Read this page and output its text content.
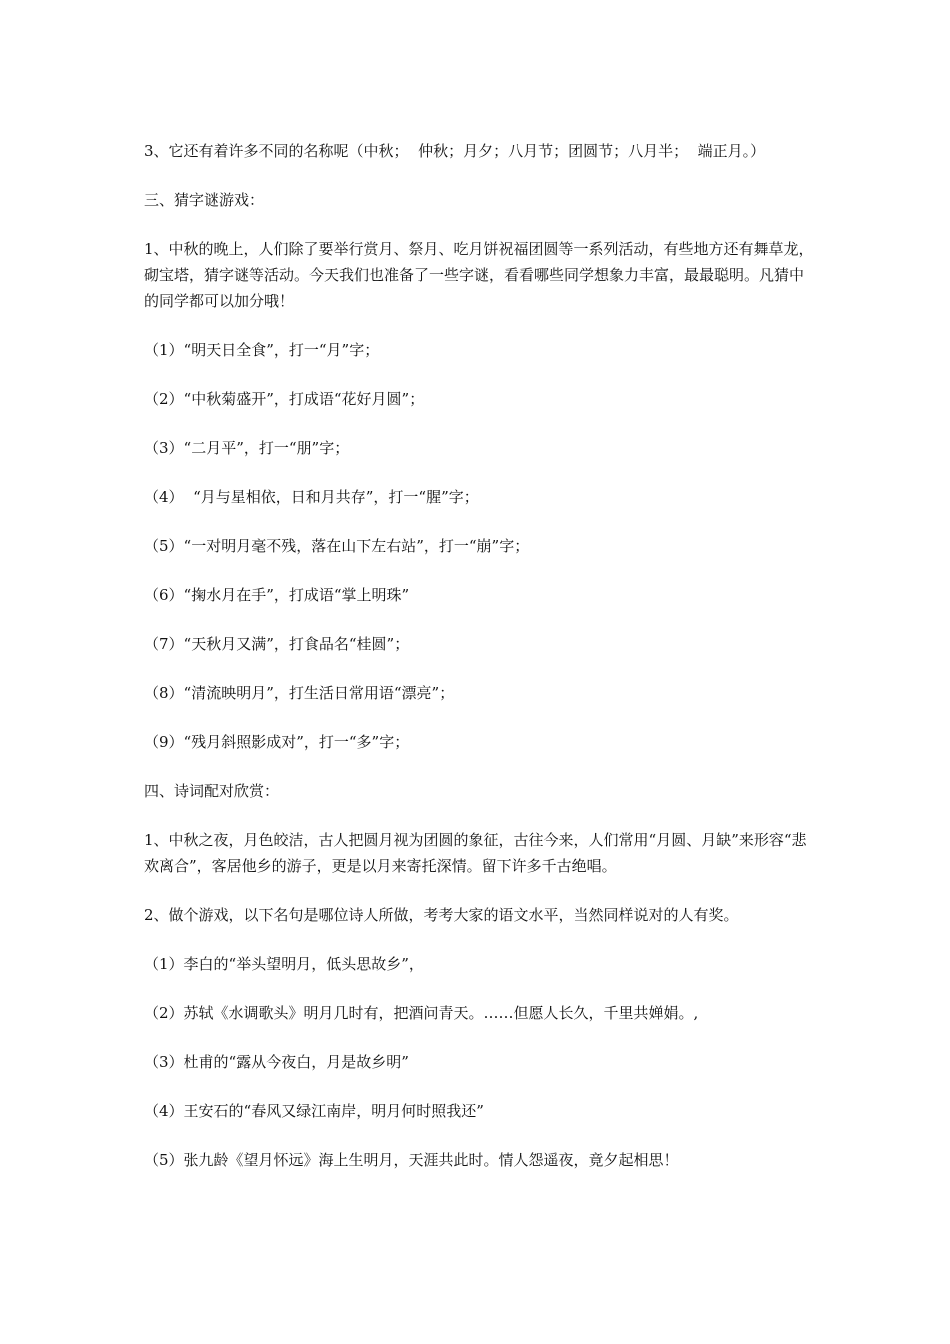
3、它还有着许多不同的名称呢（中秋；  仲秋；月夕；八月节；团圆节；八月半；  端正月。）

三、猜字谜游戏：

1、中秋的晚上，人们除了要举行赏月、祭月、吃月饼祝福团圆等一系列活动，有些地方还有舞草龙，砌宝塔，猜字谜等活动。今天我们也准备了一些字谜，看看哪些同学想象力丰富，最最聪明。凡猜中的同学都可以加分哦！

（1）“明天日全食”，打一“月”字；

（2）“中秋菊盛开”，打成语“花好月圆”；

（3）“二月平”，打一“朋”字；

（4）  “月与星相依，日和月共存”，打一“腥”字；

（5）“一对明月毫不残，落在山下左右站”，打一“崩”字；

（6）“掬水月在手”，打成语“掌上明珠”

（7）“天秋月又满”，打食品名“桂圆”；

（8）“清流映明月”，打生活日常用语“漂亮”；

（9）“残月斜照影成对”，打一“多”字；

四、诗词配对欣赏：

1、中秋之夜，月色皎洁，古人把圆月视为团圆的象征，古往今来，人们常用“月圆、月缺”来形容“悲欢离合”，客居他乡的游子，更是以月来寄托深情。留下许多千古绝唱。

2、做个游戏，以下名句是哪位诗人所做，考考大家的语文水平，当然同样说对的人有奖。

（1）李白的“举头望明月，低头思故乡”，

（2）苏轼《水调歌头》明月几时有，把酒问青天。……但愿人长久，千里共婵娟。,

（3）杜甫的“露从今夜白，月是故乡明”

（4）王安石的“春风又绿江南岸，明月何时照我还”

（5）张九龄《望月怀远》海上生明月，天涯共此时。情人怨遥夜，竟夕起相思！
